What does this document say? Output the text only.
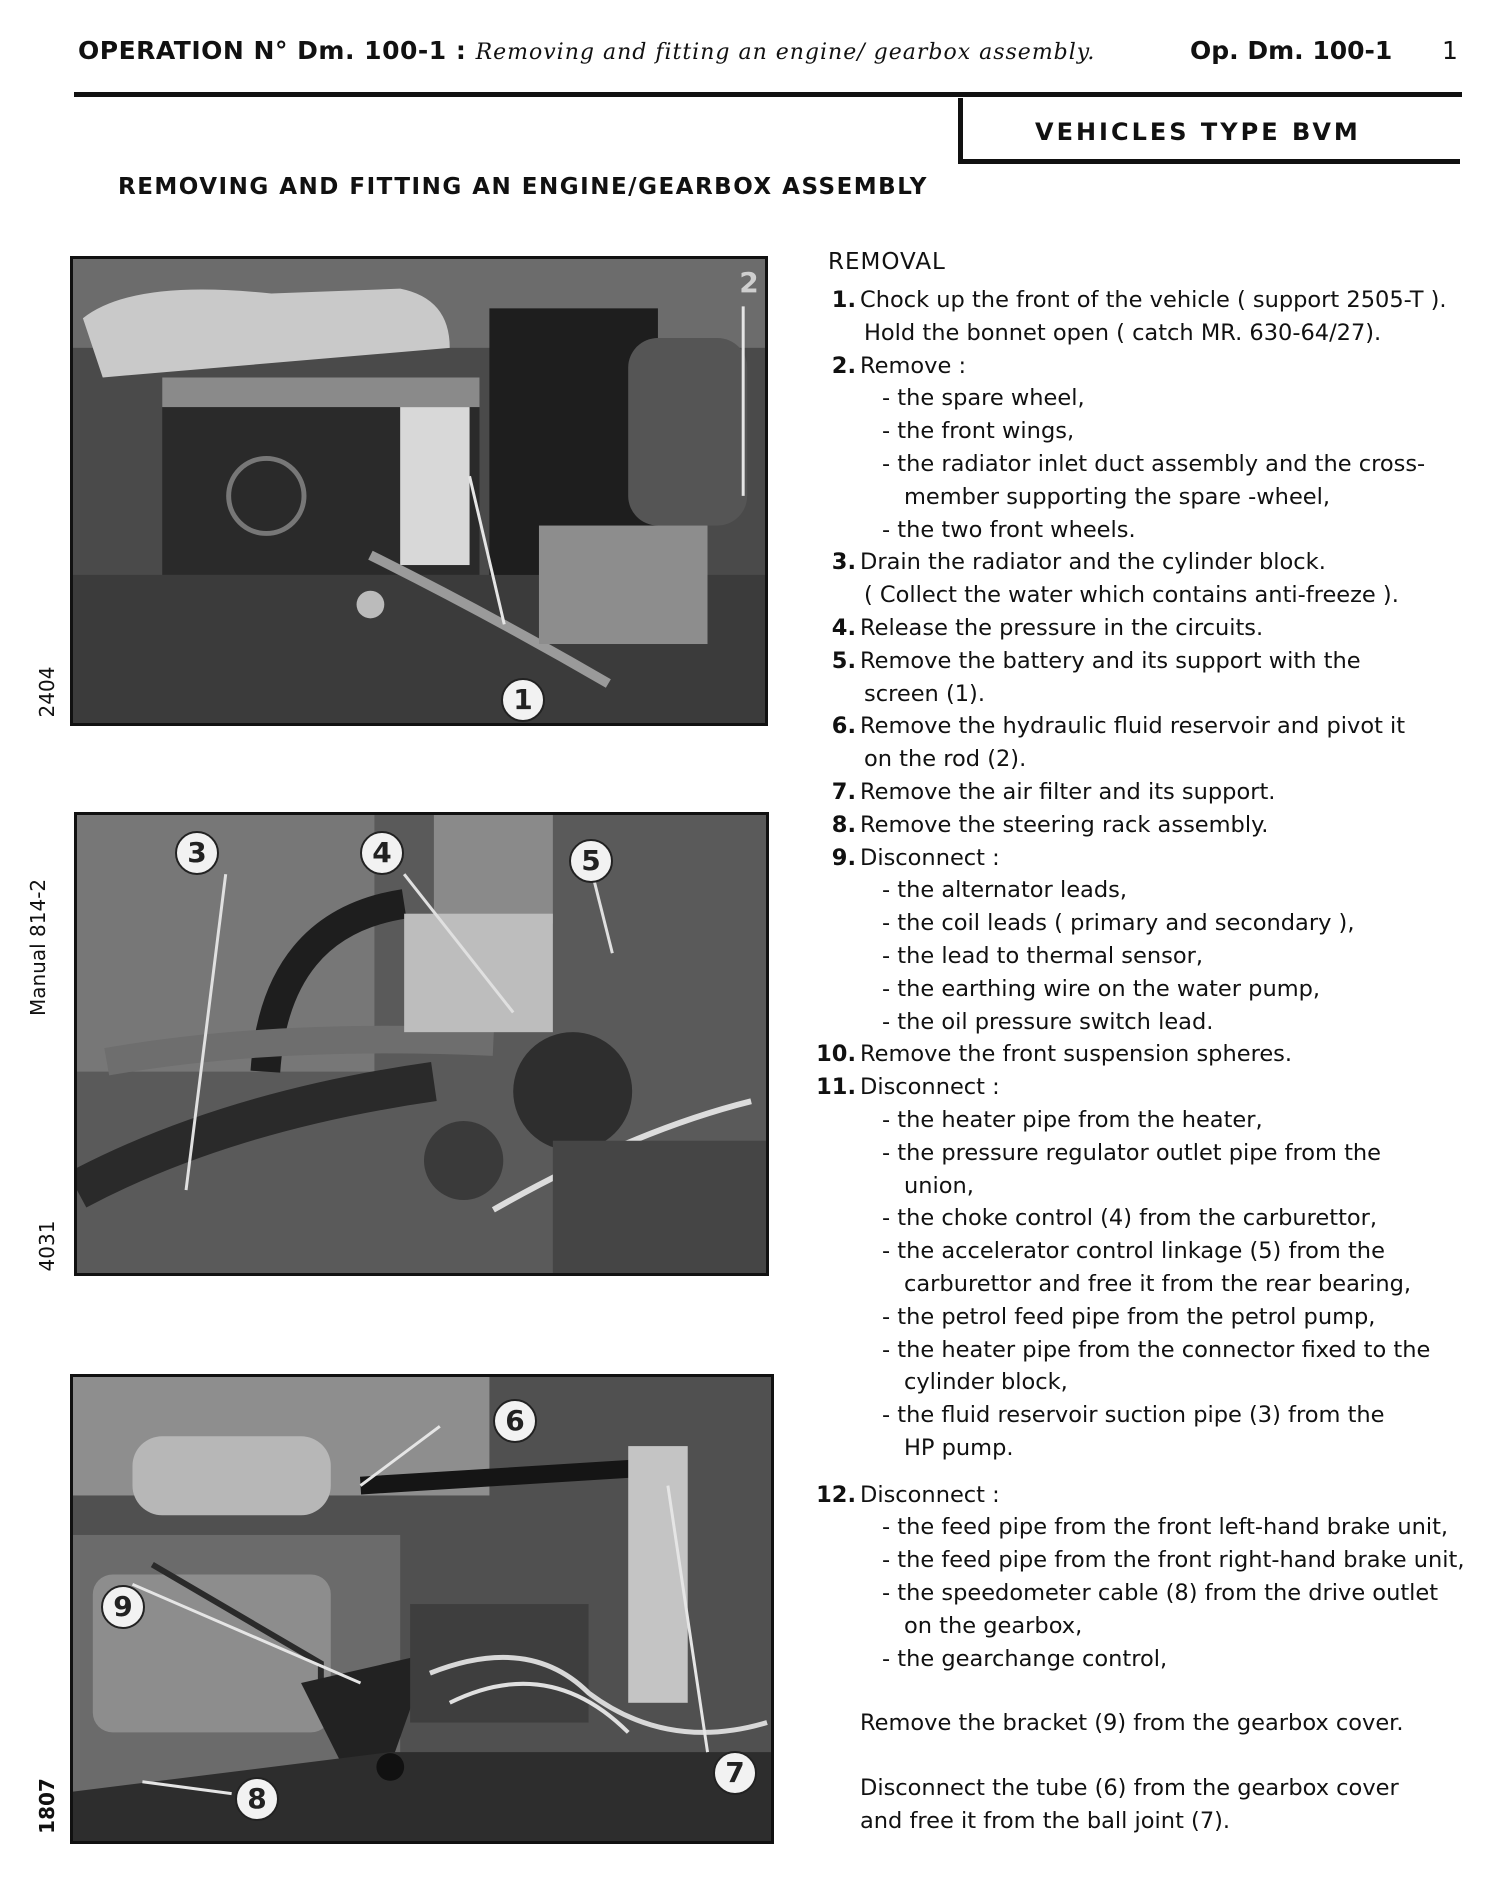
OPERATION N° Dm. 100-1 : Removing and fitting an engine/ gearbox assembly.	Op. Dm. 100-1 1
VEHICLES TYPE BVM
REMOVING AND FITTING AN ENGINE/GEARBOX ASSEMBLY
2404
Manual 814-2
4031
1807
1
2
3	4	5
6
7
8
9
REMOVAL
1. Chock up the front of the vehicle ( support 2505-T ).
Hold the bonnet open ( catch MR. 630-64/27).
2. Remove :
- the spare wheel,
- the front wings,
- the radiator inlet duct assembly and the cross-
member supporting the spare -wheel,
- the two front wheels.
3. Drain the radiator and the cylinder block.
( Collect the water which contains anti-freeze ).
4. Release the pressure in the circuits.
5. Remove the battery and its support with the
screen (1).
6. Remove the hydraulic fluid reservoir and pivot it
on the rod (2).
7. Remove the air filter and its support.
8. Remove the steering rack assembly.
9. Disconnect :
- the alternator leads,
- the coil leads ( primary and secondary ),
- the lead to thermal sensor,
- the earthing wire on the water pump,
- the oil pressure switch lead.
10. Remove the front suspension spheres.
11. Disconnect :
- the heater pipe from the heater,
- the pressure regulator outlet pipe from the
union,
- the choke control (4) from the carburettor,
- the accelerator control linkage (5) from the
carburettor and free it from the rear bearing,
- the petrol feed pipe from the petrol pump,
- the heater pipe from the connector fixed to the
cylinder block,
- the fluid reservoir suction pipe (3) from the
HP pump.
12. Disconnect :
- the feed pipe from the front left-hand brake unit,
- the feed pipe from the front right-hand brake unit,
- the speedometer cable (8) from the drive outlet
on the gearbox,
- the gearchange control,
Remove the bracket (9) from the gearbox cover.
Disconnect the tube (6) from the gearbox cover
and free it from the ball joint (7).
